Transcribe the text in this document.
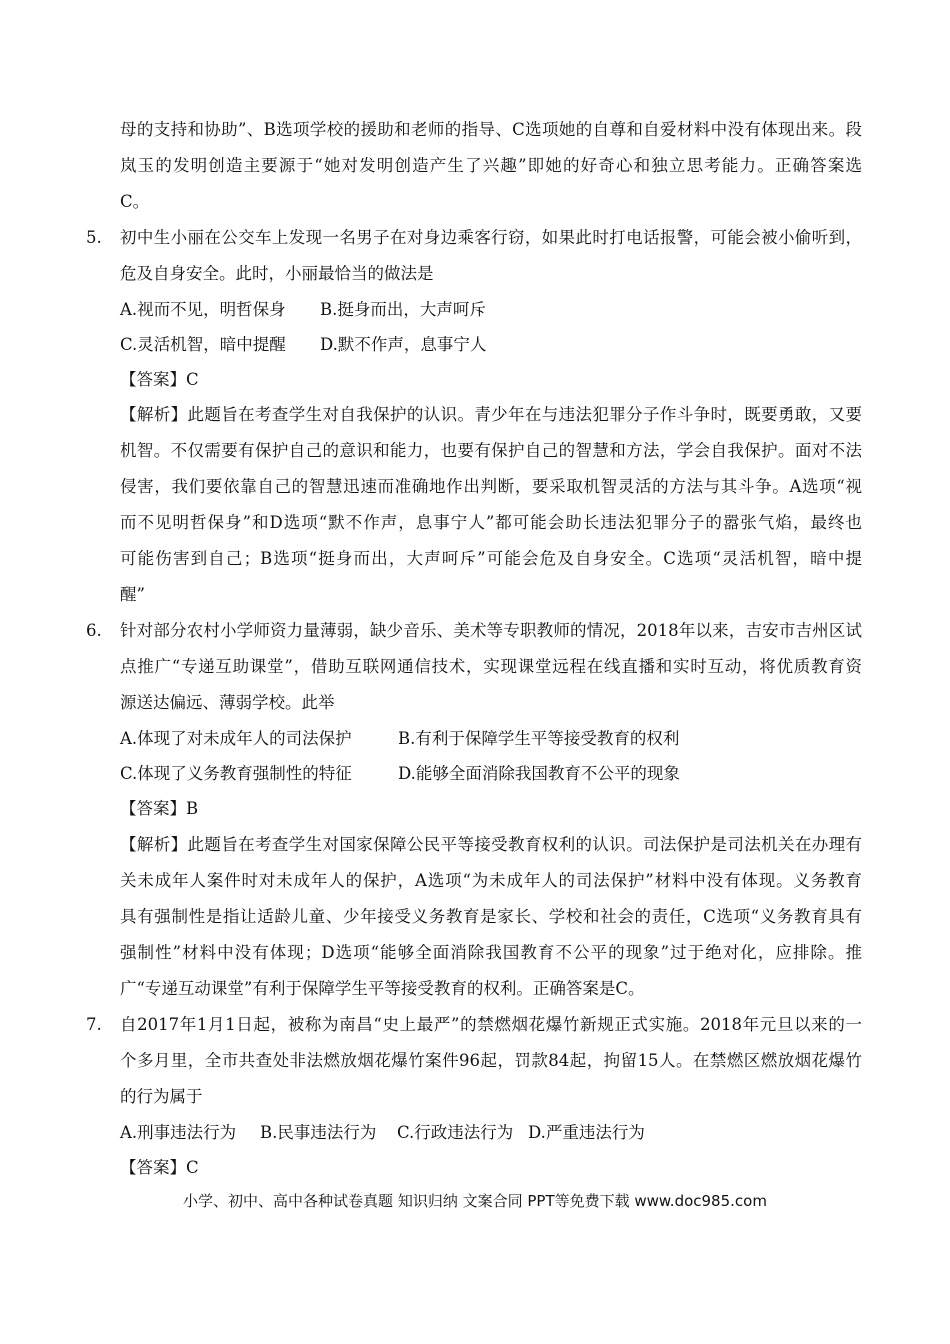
母的支持和协助”、B选项学校的援助和老师的指导、C选项她的自尊和自爱材料中没有体现出来。段
岚玉的发明创造主要源于“她对发明创造产生了兴趣”即她的好奇心和独立思考能力。正确答案选
C。
5. 初中生小丽在公交车上发现一名男子在对身边乘客行窃，如果此时打电话报警，可能会被小偷听到，
危及自身安全。此时，小丽最恰当的做法是
A.视而不见，明哲保身 B.挺身而出，大声呵斥
C.灵活机智，暗中提醒 D.默不作声，息事宁人
【答案】C
【解析】此题旨在考查学生对自我保护的认识。青少年在与违法犯罪分子作斗争时，既要勇敢，又要
机智。不仅需要有保护自己的意识和能力，也要有保护自己的智慧和方法，学会自我保护。面对不法
侵害，我们要依靠自己的智慧迅速而准确地作出判断，要采取机智灵活的方法与其斗争。A选项“视
而不见明哲保身”和D选项“默不作声，息事宁人”都可能会助长违法犯罪分子的嚣张气焰，最终也
可能伤害到自己；B选项“挺身而出，大声呵斥”可能会危及自身安全。C选项“灵活机智，暗中提
醒”
6. 针对部分农村小学师资力量薄弱，缺少音乐、美术等专职教师的情况，2018年以来，吉安市吉州区试
点推广“专递互助课堂”，借助互联网通信技术，实现课堂远程在线直播和实时互动，将优质教育资
源送达偏远、薄弱学校。此举
A.体现了对未成年人的司法保护	B.有利于保障学生平等接受教育的权利
C.体现了义务教育强制性的特征	D.能够全面消除我国教育不公平的现象
【答案】B
【解析】此题旨在考查学生对国家保障公民平等接受教育权利的认识。司法保护是司法机关在办理有
关未成年人案件时对未成年人的保护，A选项“为未成年人的司法保护”材料中没有体现。义务教育
具有强制性是指让适龄儿童、少年接受义务教育是家长、学校和社会的责任，C选项“义务教育具有
强制性”材料中没有体现；D选项“能够全面消除我国教育不公平的现象”过于绝对化，应排除。推
广“专递互动课堂”有利于保障学生平等接受教育的权利。正确答案是C。
7. 自2017年1月1日起，被称为南昌“史上最严”的禁燃烟花爆竹新规正式实施。2018年元旦以来的一
个多月里，全市共查处非法燃放烟花爆竹案件96起，罚款84起，拘留15人。在禁燃区燃放烟花爆竹
的行为属于
A.刑事违法行为 B.民事违法行为 C.行政违法行为 D.严重违法行为
【答案】C
小学、初中、高中各种试卷真题 知识归纳 文案合同 PPT等免费下载 www.doc985.com
